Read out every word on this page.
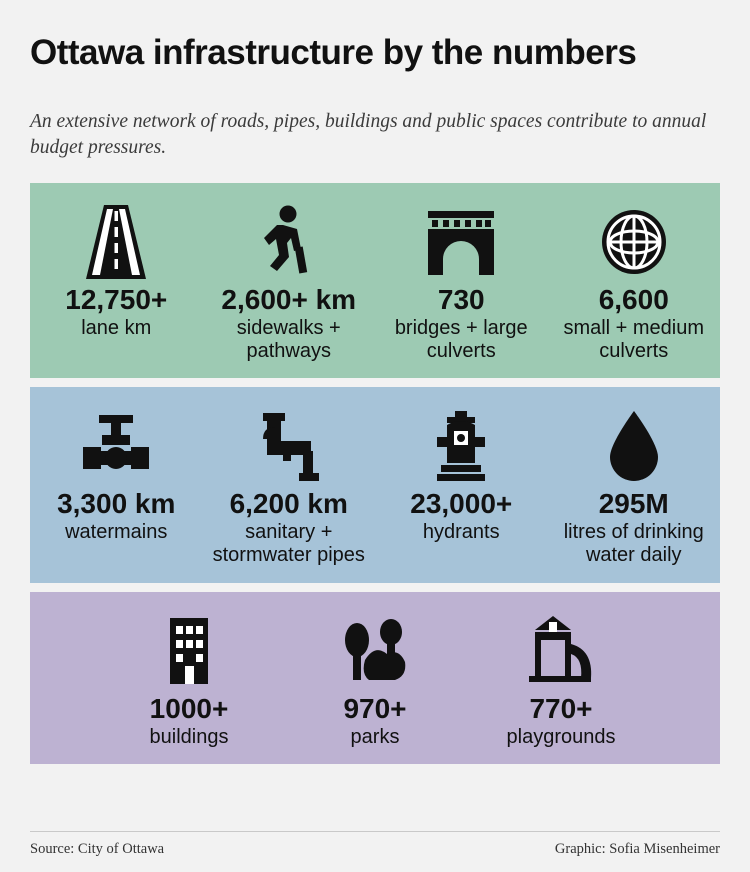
Ottawa infrastructure by the numbers

An extensive network of roads, pipes, buildings and public spaces contribute to annual budget pressures.

12,750+
lane km
2,600+ km
sidewalks + pathways
730
bridges + large culverts
6,600
small + medium culverts
3,300 km
watermains
6,200 km
sanitary + stormwater pipes
23,000+
hydrants
295M
litres of drinking water daily
1000+
buildings
970+
parks
770+
playgrounds
Source: City of Ottawa	Graphic: Sofia Misenheimer
